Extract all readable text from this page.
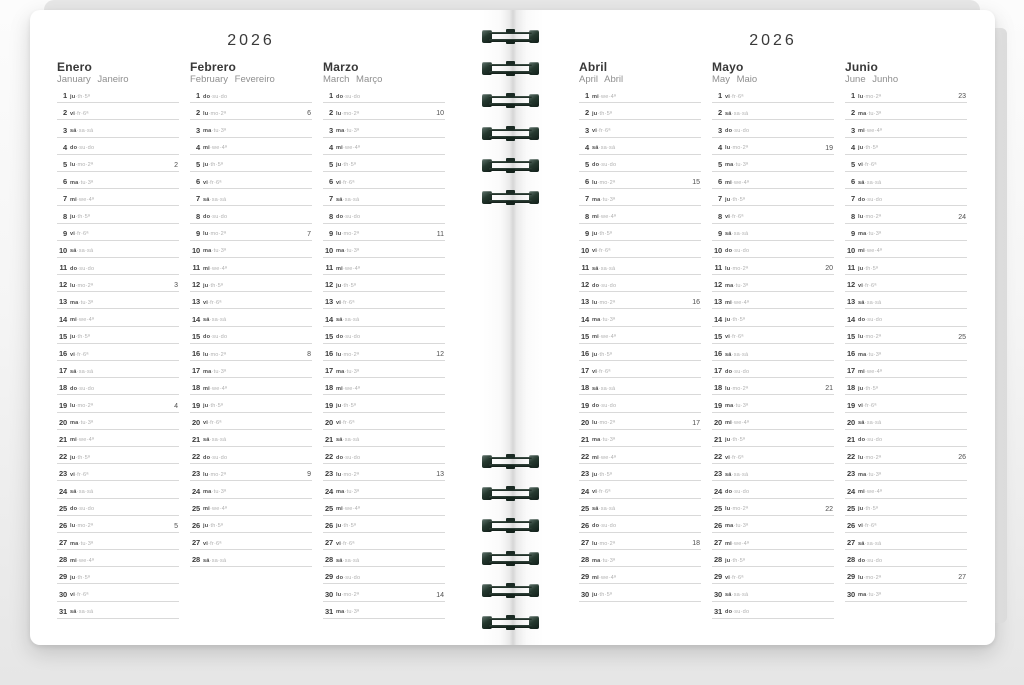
2026	2026
Enero
January Janeiro
1 ju·th·5ª
2 vi·fr·6ª
3 sá·sa·sá
4 do·su·do
5 lu·mo·2ª	2
6 ma·tu·3ª
7 mi·we·4ª
8 ju·th·5ª
9 vi·fr·6ª
10 sá·sa·sá
11 do·su·do
12 lu·mo·2ª	3
13 ma·tu·3ª
14 mi·we·4ª
15 ju·th·5ª
16 vi·fr·6ª
17 sá·sa·sá
18 do·su·do
19 lu·mo·2ª	4
20 ma·tu·3ª
21 mi·we·4ª
22 ju·th·5ª
23 vi·fr·6ª
24 sá·sa·sá
25 do·su·do
26 lu·mo·2ª	5
27 ma·tu·3ª
28 mi·we·4ª
29 ju·th·5ª
30 vi·fr·6ª
31 sá·sa·sá
Febrero
February Fevereiro
1 do·su·do
2 lu·mo·2ª	6
3 ma·tu·3ª
4 mi·we·4ª
5 ju·th·5ª
6 vi·fr·6ª
7 sá·sa·sá
8 do·su·do
9 lu·mo·2ª	7
10 ma·tu·3ª
11 mi·we·4ª
12 ju·th·5ª
13 vi·fr·6ª
14 sá·sa·sá
15 do·su·do
16 lu·mo·2ª	8
17 ma·tu·3ª
18 mi·we·4ª
19 ju·th·5ª
20 vi·fr·6ª
21 sá·sa·sá
22 do·su·do
23 lu·mo·2ª	9
24 ma·tu·3ª
25 mi·we·4ª
26 ju·th·5ª
27 vi·fr·6ª
28 sá·sa·sá
Marzo
March Março
1 do·su·do
2 lu·mo·2ª	10
3 ma·tu·3ª
4 mi·we·4ª
5 ju·th·5ª
6 vi·fr·6ª
7 sá·sa·sá
8 do·su·do
9 lu·mo·2ª	11
10 ma·tu·3ª
11 mi·we·4ª
12 ju·th·5ª
13 vi·fr·6ª
14 sá·sa·sá
15 do·su·do
16 lu·mo·2ª	12
17 ma·tu·3ª
18 mi·we·4ª
19 ju·th·5ª
20 vi·fr·6ª
21 sá·sa·sá
22 do·su·do
23 lu·mo·2ª	13
24 ma·tu·3ª
25 mi·we·4ª
26 ju·th·5ª
27 vi·fr·6ª
28 sá·sa·sá
29 do·su·do
30 lu·mo·2ª	14
31 ma·tu·3ª
Abril
April Abril
1 mi·we·4ª
2 ju·th·5ª
3 vi·fr·6ª
4 sá·sa·sá
5 do·su·do
6 lu·mo·2ª	15
7 ma·tu·3ª
8 mi·we·4ª
9 ju·th·5ª
10 vi·fr·6ª
11 sá·sa·sá
12 do·su·do
13 lu·mo·2ª	16
14 ma·tu·3ª
15 mi·we·4ª
16 ju·th·5ª
17 vi·fr·6ª
18 sá·sa·sá
19 do·su·do
20 lu·mo·2ª	17
21 ma·tu·3ª
22 mi·we·4ª
23 ju·th·5ª
24 vi·fr·6ª
25 sá·sa·sá
26 do·su·do
27 lu·mo·2ª	18
28 ma·tu·3ª
29 mi·we·4ª
30 ju·th·5ª
Mayo
May Maio
1 vi·fr·6ª
2 sá·sa·sá
3 do·su·do
4 lu·mo·2ª	19
5 ma·tu·3ª
6 mi·we·4ª
7 ju·th·5ª
8 vi·fr·6ª
9 sá·sa·sá
10 do·su·do
11 lu·mo·2ª	20
12 ma·tu·3ª
13 mi·we·4ª
14 ju·th·5ª
15 vi·fr·6ª
16 sá·sa·sá
17 do·su·do
18 lu·mo·2ª	21
19 ma·tu·3ª
20 mi·we·4ª
21 ju·th·5ª
22 vi·fr·6ª
23 sá·sa·sá
24 do·su·do
25 lu·mo·2ª	22
26 ma·tu·3ª
27 mi·we·4ª
28 ju·th·5ª
29 vi·fr·6ª
30 sá·sa·sá
31 do·su·do
Junio
June Junho
1 lu·mo·2ª	23
2 ma·tu·3ª
3 mi·we·4ª
4 ju·th·5ª
5 vi·fr·6ª
6 sá·sa·sá
7 do·su·do
8 lu·mo·2ª	24
9 ma·tu·3ª
10 mi·we·4ª
11 ju·th·5ª
12 vi·fr·6ª
13 sá·sa·sá
14 do·su·do
15 lu·mo·2ª	25
16 ma·tu·3ª
17 mi·we·4ª
18 ju·th·5ª
19 vi·fr·6ª
20 sá·sa·sá
21 do·su·do
22 lu·mo·2ª	26
23 ma·tu·3ª
24 mi·we·4ª
25 ju·th·5ª
26 vi·fr·6ª
27 sá·sa·sá
28 do·su·do
29 lu·mo·2ª	27
30 ma·tu·3ª
